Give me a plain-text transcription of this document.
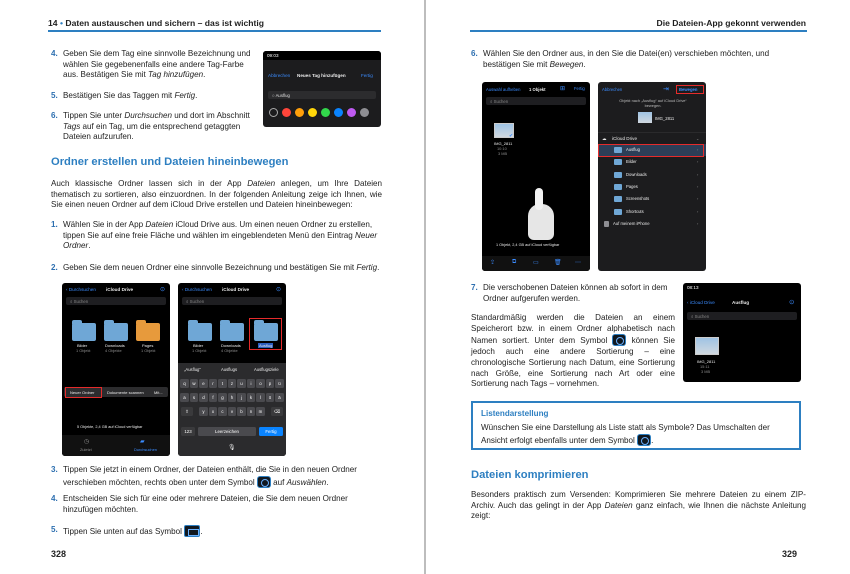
14 • Daten austauschen und sichern – das ist wichtig
4. Geben Sie dem Tag eine sinnvolle Bezeichnung und wählen Sie gegebenenfalls eine andere Tag-Farbe aus. Bestätigen Sie mit Tag hinzufügen.
5. Bestätigen Sie das Taggen mit Fertig.
6. Tippen Sie unter Durchsuchen und dort im Abschnitt Tags auf ein Tag, um die entsprechend getaggten Dateien aufzurufen.
09:03
Abbrechen Neues Tag hinzufügen	Fertig
○ Ausflug
Ordner erstellen und Dateien hineinbewegen
Auch klassische Ordner lassen sich in der App Dateien anlegen, um Ihre Dateien thematisch zu sortieren, also einzuordnen. In der folgenden Anleitung zeige ich Ihnen, wie Sie einen neuen Ordner auf dem iCloud Drive erstellen und Dateien hineinbewegen:
1. Wählen Sie in der App Dateien iCloud Drive aus. Um einen neuen Ordner zu erstellen, tippen Sie auf eine freie Fläche und wählen im eingeblendeten Menü den Eintrag Neuer Ordner.
2. Geben Sie dem neuen Ordner eine sinnvolle Bezeichnung und bestätigen Sie mit Fertig.
‹ Durchsuchen iCloud Drive	⊙
⌕ Suchen
Bilder
1 Objekt
Downloads
4 Objekte
Pages
1 Objekt
Neuer Ordner	Dokumente scannen	Mit...
5 Objekte, 2,4 GB auf iCloud verfügbar
◷
Zuletzt
▰
Durchsuchen
‹ Durchsuchen iCloud Drive	⊙
⌕ Suchen
Bilder
1 Objekt
Downloads
4 Objekte
Ausflug
„Ausflug“	Ausflugs	Ausflugsziele
q	w	e	r	t	z	u	i	o	p	ü
a	s	d	f	g	h	j	k	l	ö	ä
y	x	c	v	b	n	m
⇧	⌫
123	Leerzeichen	Fertig
🎙
3. Tippen Sie jetzt in einem Ordner, der Dateien enthält, die Sie in den neuen Ordner verschieben möchten, rechts oben unter dem Symbol  auf Auswählen.
4. Entscheiden Sie sich für eine oder mehrere Dateien, die Sie dem neuen Ordner hinzufügen möchten.
5. Tippen Sie unten auf das Symbol .
328
Die Dateien-App gekonnt verwenden
6. Wählen Sie den Ordner aus, in den Sie die Datei(en) verschieben möchten, und bestätigen Sie mit Bewegen.
Auswahl aufheben 1 Objekt ⊞ Fertig
⌕ Suchen
✔
IMG_2811
10:10
3 MB
1 Objekt, 2,4 GB auf iCloud verfügbar
⇪	⧉	▭	🗑 ⋯
Abbrechen	⇥ Bewegen
Objekt nach „Ausflug“ auf iCloud Drive“ bewegen.
IMG_2811
☁ iCloud Drive	⌄
Ausflug	›
Bilder	›
Downloads	›
Pages	›
Screenshots	›
Shortcuts	›
Auf meinem iPhone	›
7. Die verschobenen Dateien können ab sofort in dem Ordner aufgerufen werden.
08:13
‹ iCloud Drive	Ausflug	⊙
⌕ Suchen
IMG_2811
15:11
3 MB
Standardmäßig werden die Dateien an einem Speicherort bzw. in einem Ordner alphabetisch nach Namen sortiert. Unter dem Symbol  können Sie jedoch auch eine andere Sortierung – eine chronologische Sortierung nach Datum, eine Sortierung nach Größe, eine Sortierung nach Art oder eine Sortierung nach Tags – vornehmen.
Listendarstellung
Wünschen Sie eine Darstellung als Liste statt als Symbole? Das Umschalten der Ansicht erfolgt ebenfalls unter dem Symbol .
Dateien komprimieren
Besonders praktisch zum Versenden: Komprimieren Sie mehrere Dateien zu einem ZIP-Archiv. Auch das gelingt in der App Dateien ganz einfach, wie Ihnen die nächste Anleitung zeigt:
329
